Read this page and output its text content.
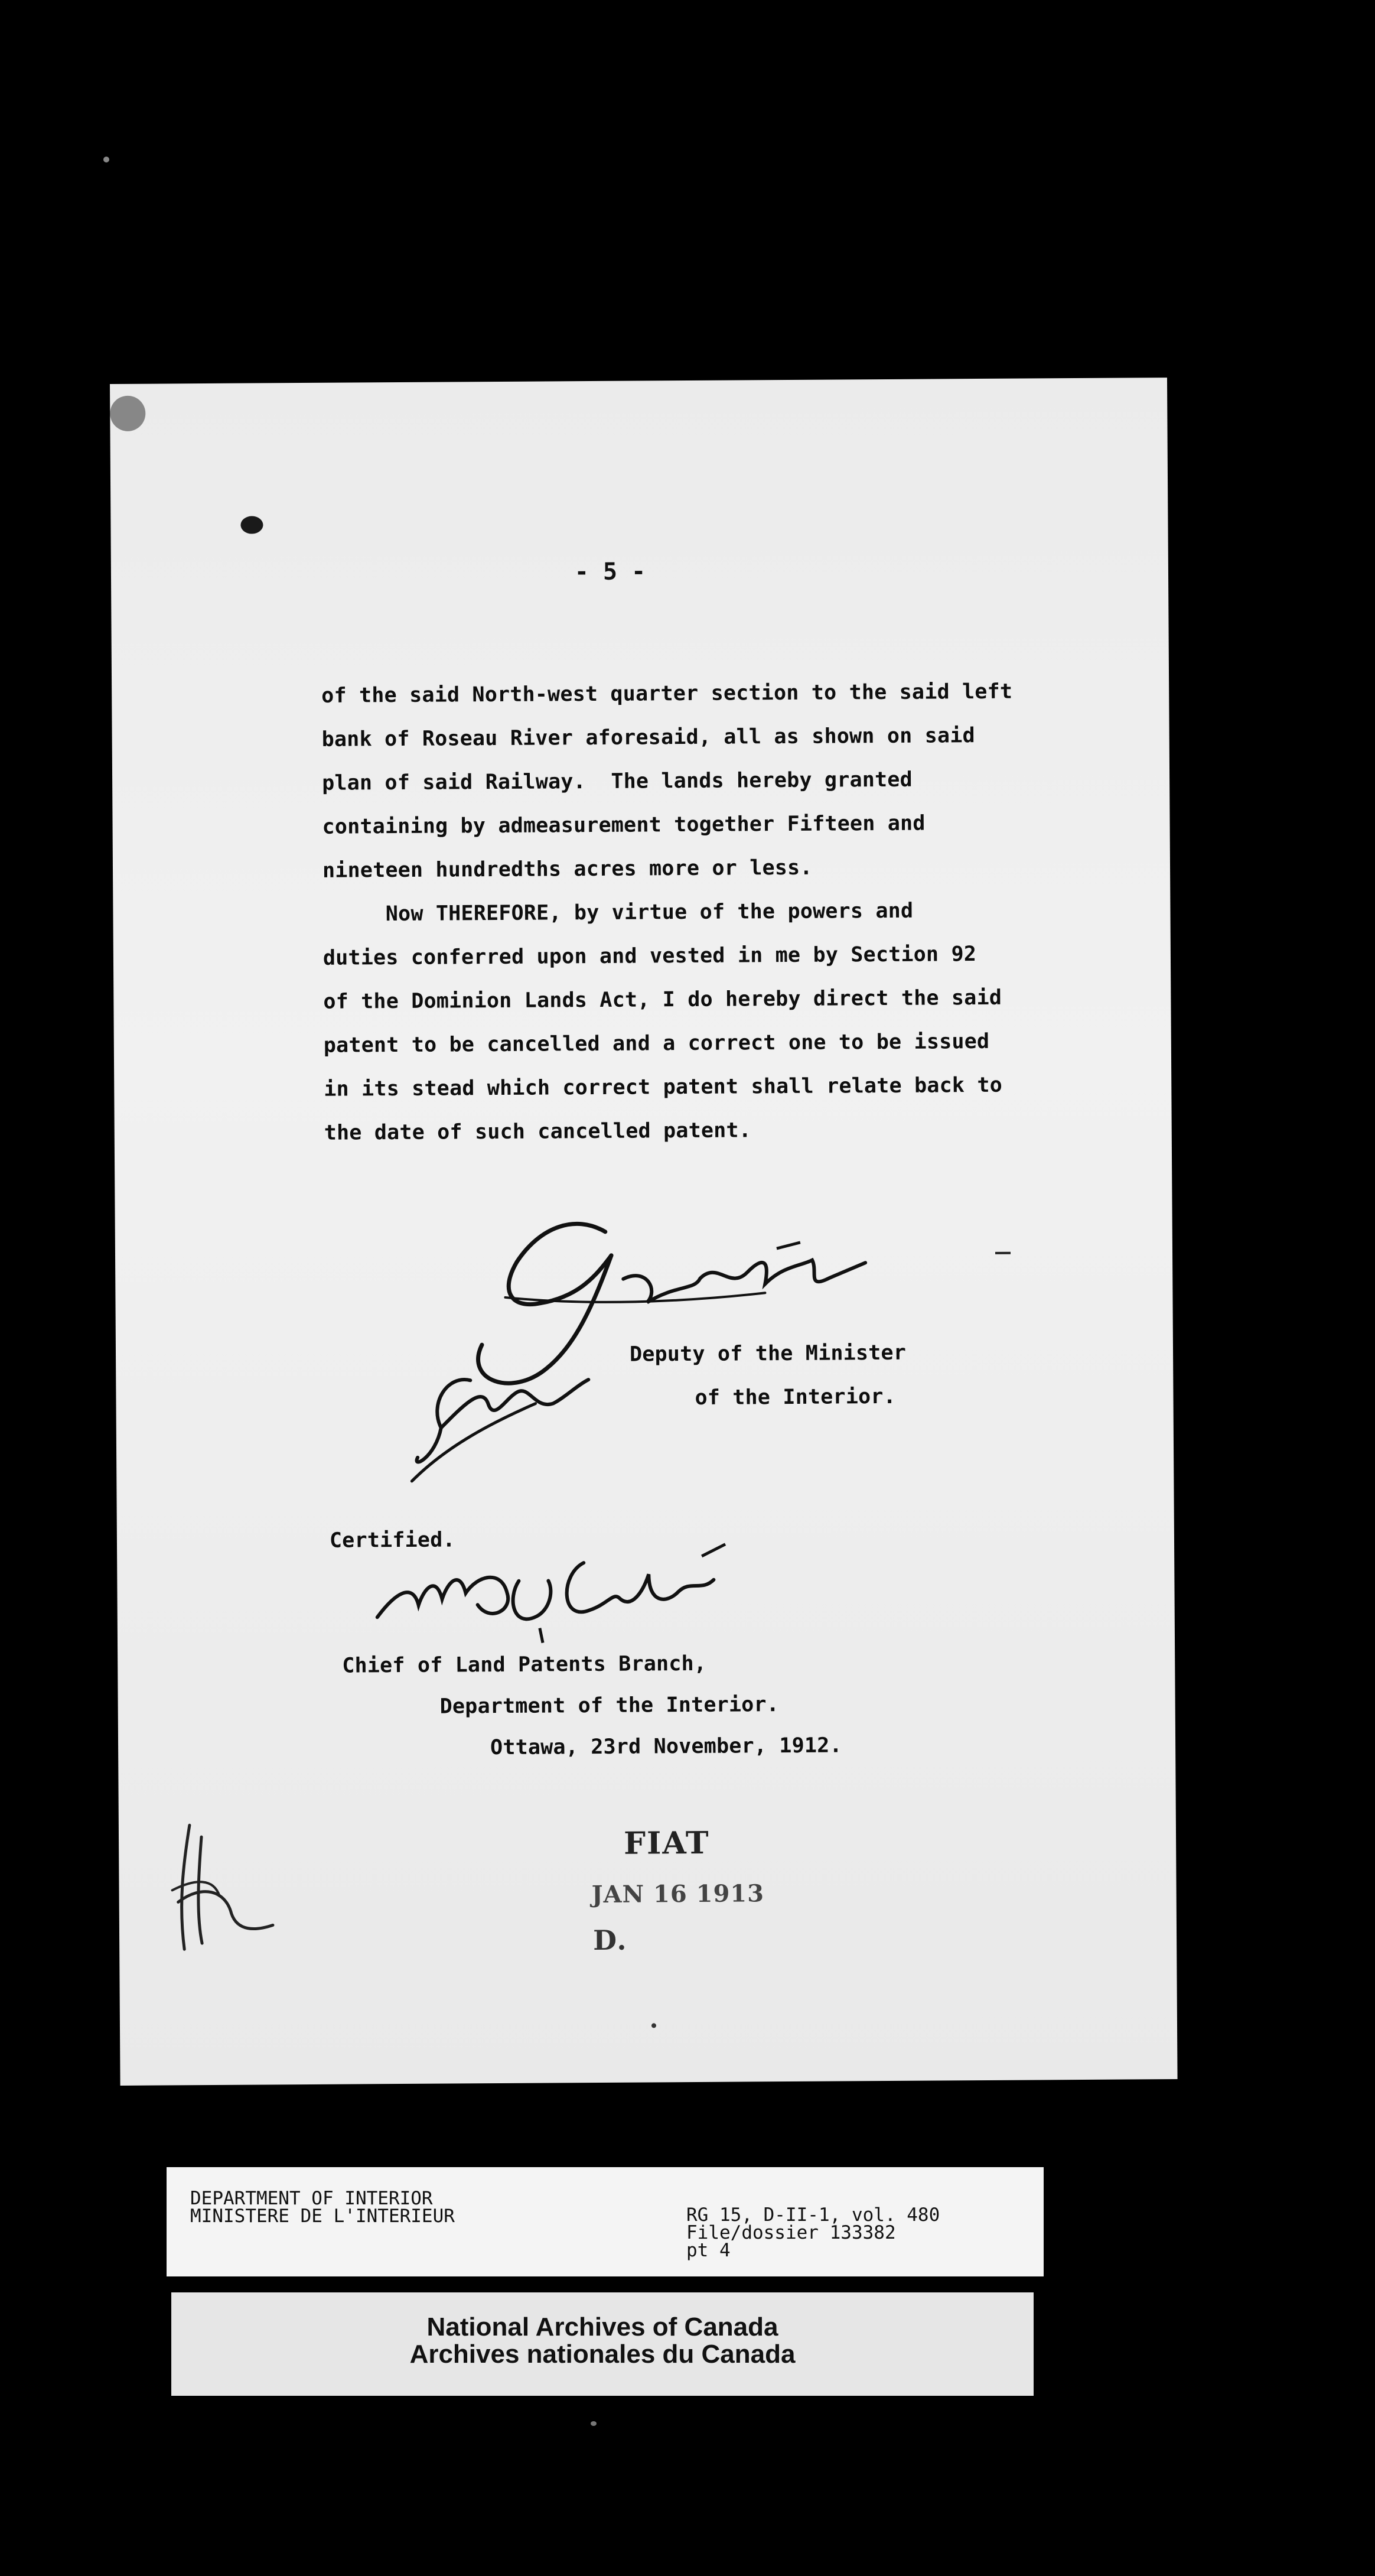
- 5 -
of the said North-west quarter section to the said left
bank of Roseau River aforesaid, all as shown on said
plan of said Railway.  The lands hereby granted
containing by admeasurement together Fifteen and
nineteen hundredths acres more or less.
Now THEREFORE, by virtue of the powers and
duties conferred upon and vested in me by Section 92
of the Dominion Lands Act, I do hereby direct the said
patent to be cancelled and a correct one to be issued
in its stead which correct patent shall relate back to
the date of such cancelled patent.
Deputy of the Minister
of the Interior.
Certified.
Chief of Land Patents Branch,
Department of the Interior.
Ottawa, 23rd November, 1912.
FIAT
JAN 16 1913
D.
DEPARTMENT OF INTERIOR
MINISTERE DE L'INTERIEUR	RG 15, D-II-1, vol. 480
File/dossier 133382
pt 4
National Archives of Canada
Archives nationales du Canada
